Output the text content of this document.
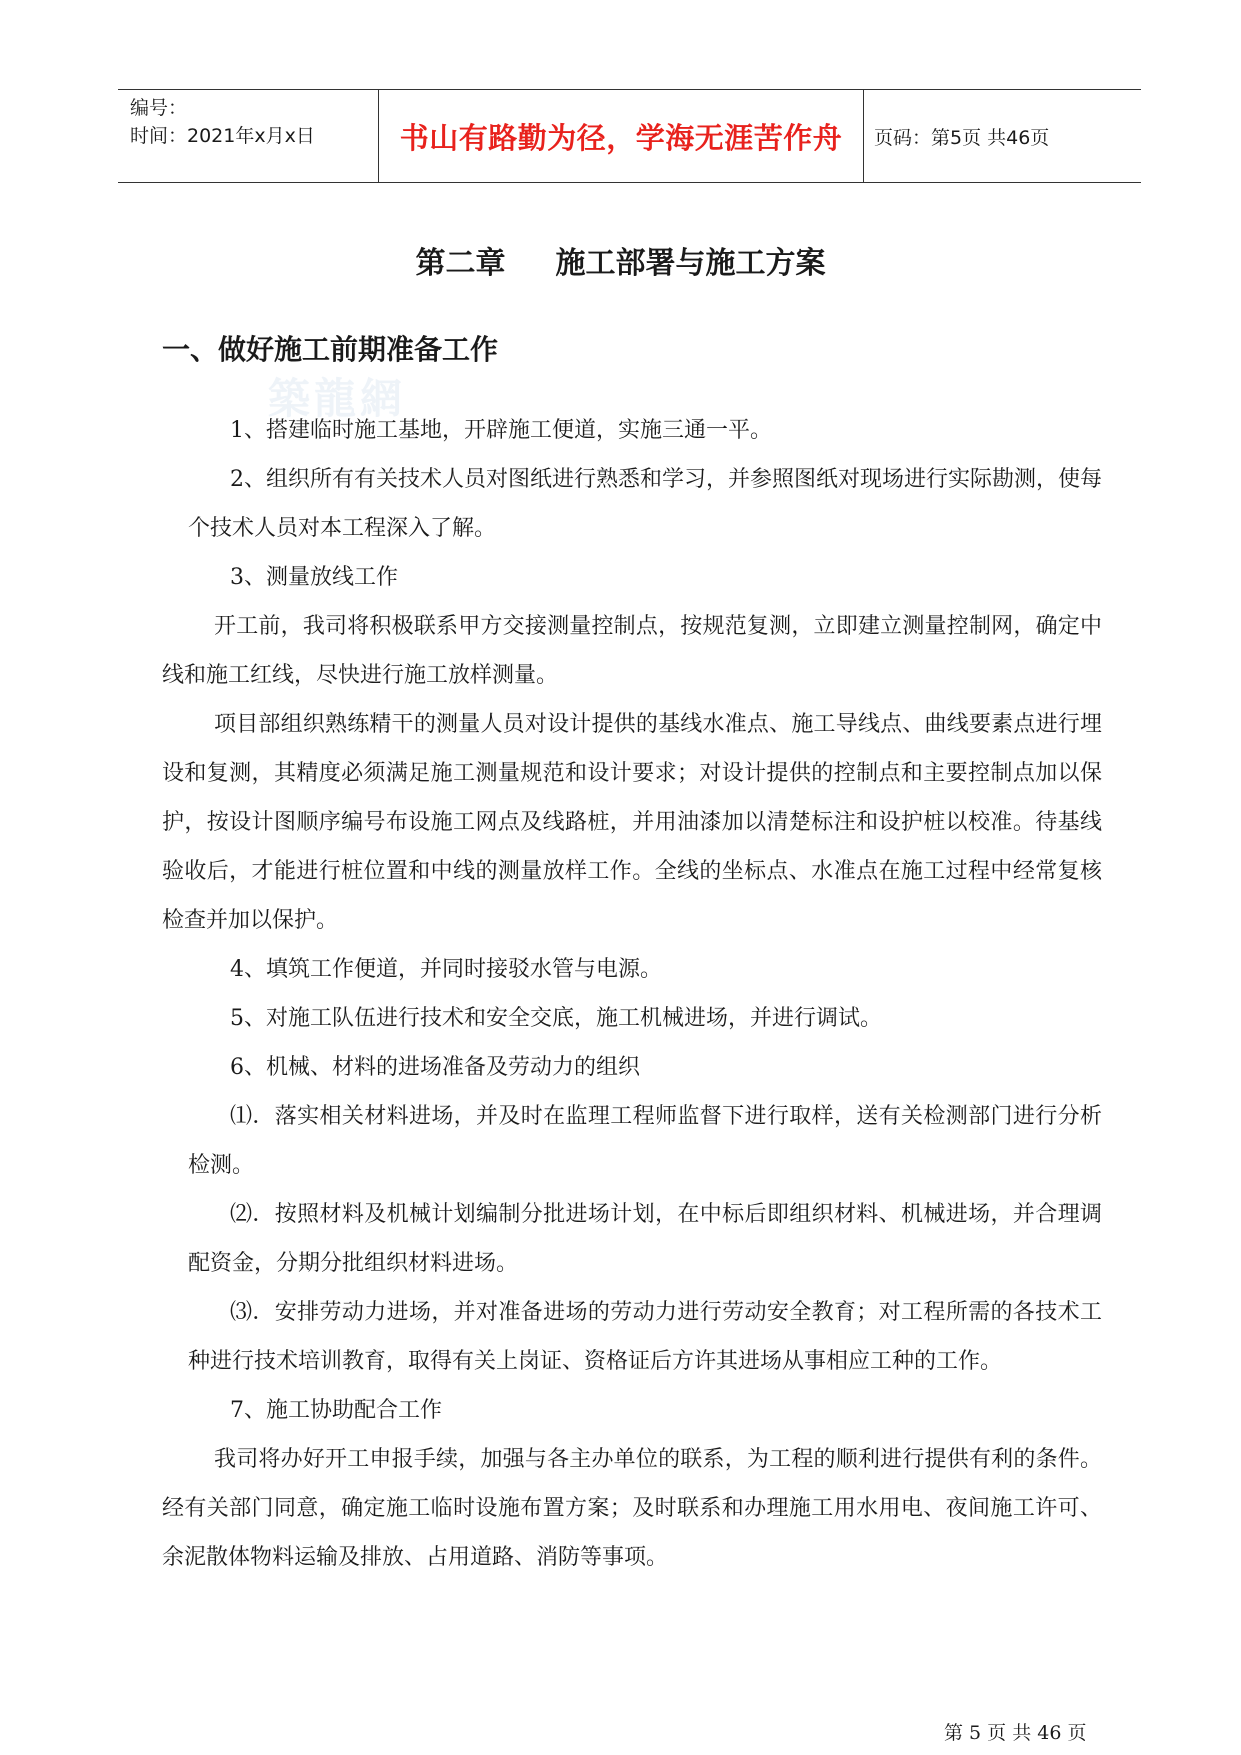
编号：
时间：2021年x月x日	书山有路勤为径，学海无涯苦作舟	页码：第5页 共46页
第二章 施工部署与施工方案
一、做好施工前期准备工作
築龍網

1、搭建临时施工基地，开辟施工便道，实施三通一平。

2、组织所有有关技术人员对图纸进行熟悉和学习，并参照图纸对现场进行实际勘测，使每个技术人员对本工程深入了解。

3、测量放线工作

开工前，我司将积极联系甲方交接测量控制点，按规范复测，立即建立测量控制网，确定中线和施工红线，尽快进行施工放样测量。

项目部组织熟练精干的测量人员对设计提供的基线水准点、施工导线点、曲线要素点进行埋设和复测，其精度必须满足施工测量规范和设计要求；对设计提供的控制点和主要控制点加以保护，按设计图顺序编号布设施工网点及线路桩，并用油漆加以清楚标注和设护桩以校准。待基线验收后，才能进行桩位置和中线的测量放样工作。全线的坐标点、水准点在施工过程中经常复核检查并加以保护。

4、填筑工作便道，并同时接驳水管与电源。

5、对施工队伍进行技术和安全交底，施工机械进场，并进行调试。

6、机械、材料的进场准备及劳动力的组织

⑴．落实相关材料进场，并及时在监理工程师监督下进行取样，送有关检测部门进行分析检测。

⑵．按照材料及机械计划编制分批进场计划，在中标后即组织材料、机械进场，并合理调配资金，分期分批组织材料进场。

⑶．安排劳动力进场，并对准备进场的劳动力进行劳动安全教育；对工程所需的各技术工种进行技术培训教育，取得有关上岗证、资格证后方许其进场从事相应工种的工作。

7、施工协助配合工作

我司将办好开工申报手续，加强与各主办单位的联系，为工程的顺利进行提供有利的条件。经有关部门同意，确定施工临时设施布置方案；及时联系和办理施工用水用电、夜间施工许可、余泥散体物料运输及排放、占用道路、消防等事项。

第 5 页 共 46 页
